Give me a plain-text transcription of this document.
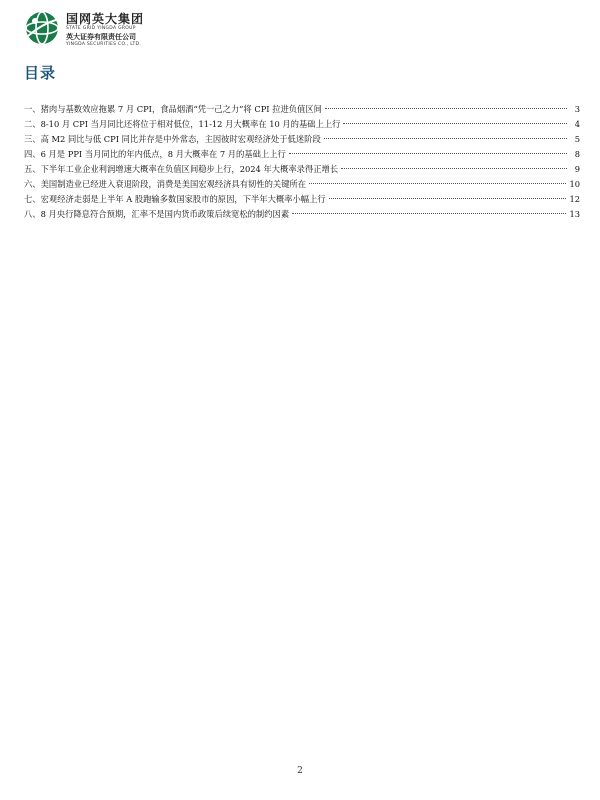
国网英大集团
STATE GRID YINGDA GROUP
英大证券有限责任公司
YINGDA SECURITIES CO., LTD.
目录
一、猪肉与基数效应拖累 7 月 CPI，食品烟酒“凭一己之力”将 CPI 拉进负值区间	3
二、8-10 月 CPI 当月同比还将位于相对低位，11-12 月大概率在 10 月的基础上上行	4
三、高 M2 同比与低 CPI 同比并存是中外常态，主因彼时宏观经济处于低迷阶段	5
四、6 月是 PPI 当月同比的年内低点，8 月大概率在 7 月的基础上上行	8
五、下半年工业企业利润增速大概率在负值区间稳步上行，2024 年大概率录得正增长	9
六、美国制造业已经进入衰退阶段，消费是美国宏观经济具有韧性的关键所在	10
七、宏观经济走弱是上半年 A 股跑输多数国家股市的原因，下半年大概率小幅上行	12
八、8 月央行降息符合预期，汇率不是国内货币政策后续宽松的制约因素	13
2
